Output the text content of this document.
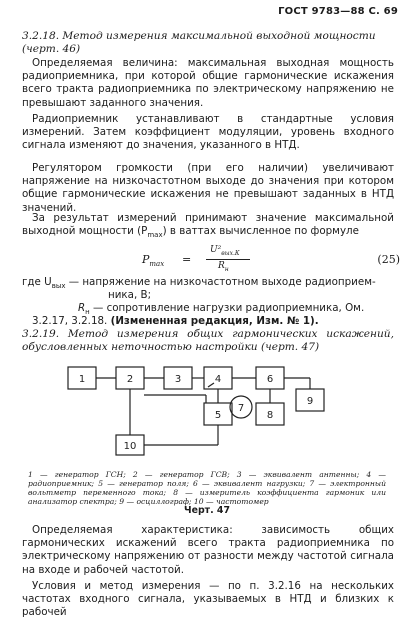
ГОСТ 9783—88 С. 69

3.2.18. Метод измерения максимальной выходной мощности
(черт. 46)

Определяемая величина: максимальная выходная мощность радиоприемника, при которой общие гармонические искажения всего тракта радиоприемника по электрическому напряжению не превышают заданного значения.

Радиоприемник устанавливают в стандартные условия измерений. Затем коэффициент модуляции, уровень входного сигнала изменяют до значения, указанного в НТД.

Регулятором громкости (при его наличии) увеличивают напряжение на низкочастотном выходе до значения при котором общие гармонические искажения не превышают заданных в НТД значений.

За результат измерений принимают значение максимальной выходной мощности $(P_{max})$ в ваттах вычисленное по формуле

$P_{max}$ =
$U^2_{вых.К}$
$R_н$
(25)

где $U_{вых}$ — напряжение на низкочастотном выходе радиоприем-

ника, В;

$R_н$ — сопротивление нагрузки радиоприемника, Ом.

3.2.17, 3.2.18. (Измененная редакция, Изм. № 1).

3.2.19. Метод измерения общих гармонических искажений, обусловленных неточностью настройки (черт. 47)

1	2	3	4	6
5
7
8
9
10

1 — генератор ГСН; 2 — генератор ГСВ; 3 — эквивалент антенны; 4 — радиоприемник; 5 — генератор поля; 6 — эквивалент нагрузки; 7 — электронный вольтметр переменного тока; 8 — измеритель коэффициента гармоник или анализатор спектра; 9 — осциллограф; 10 — частотомер

Черт. 47

Определяемая характеристика: зависимость общих гармонических искажений всего тракта радиоприемника по электрическому напряжению от разности между частотой сигнала на входе и рабочей частотой.

Условия и метод измерения — по п. 3.2.16 на нескольких частотах входного сигнала, указываемых в НТД и близких к рабочей
